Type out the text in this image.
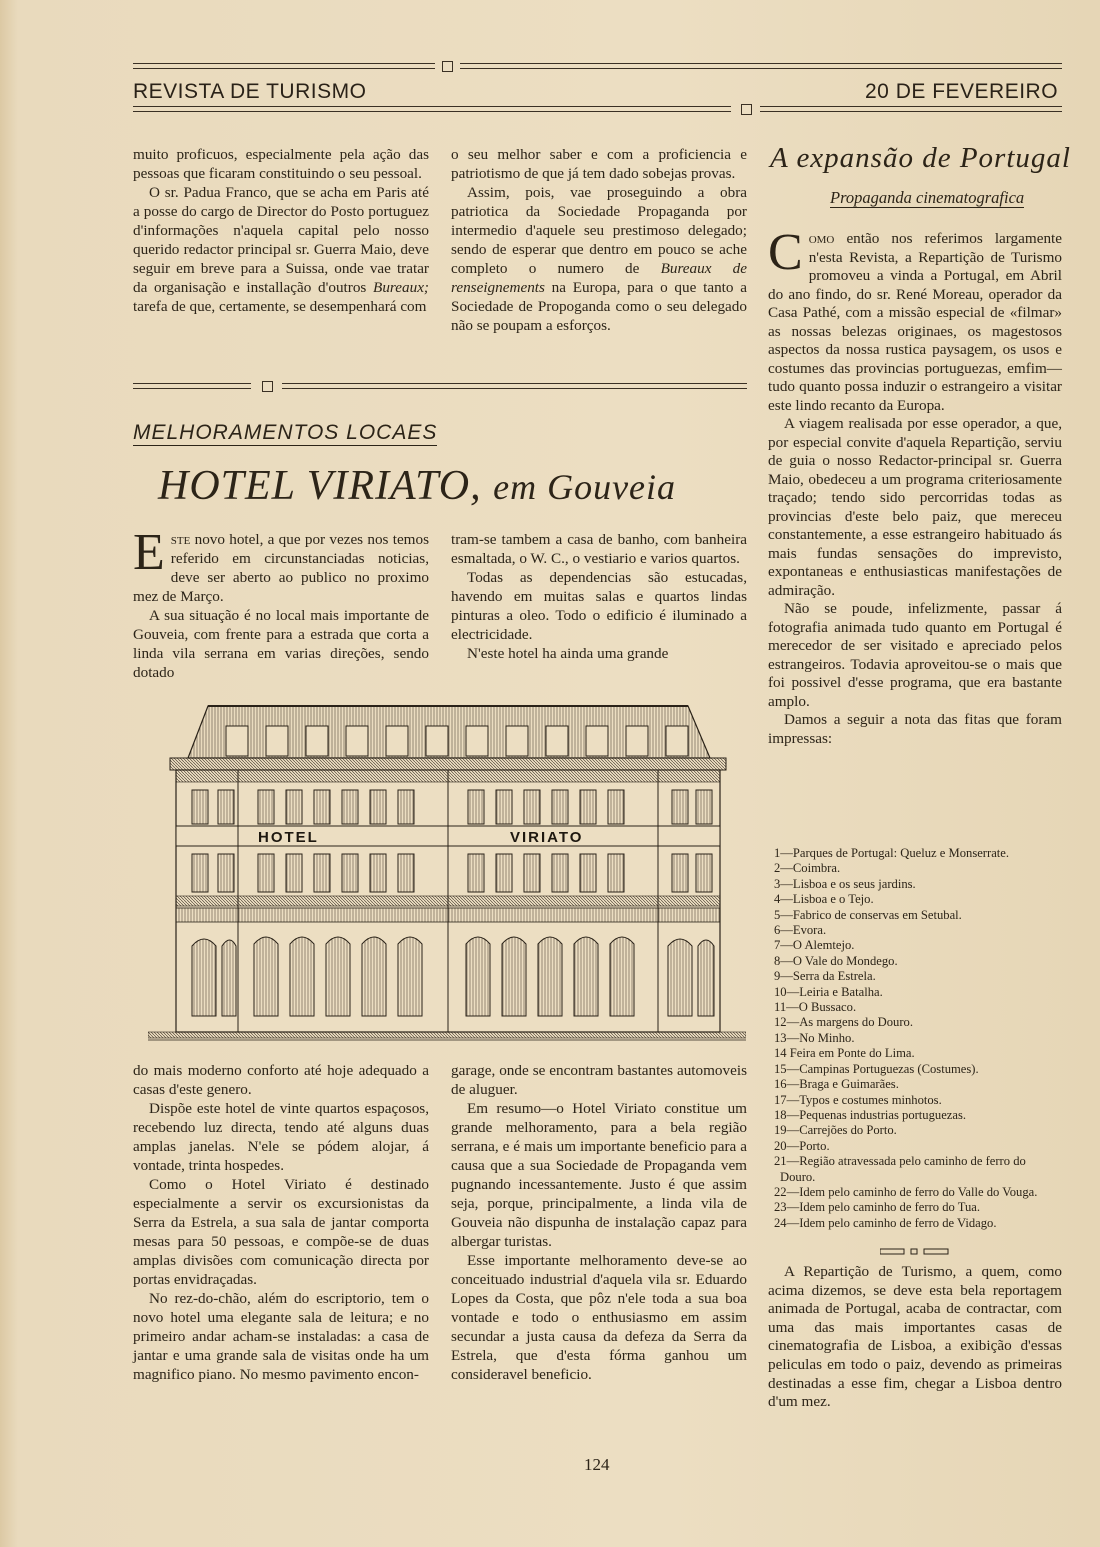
REVISTA DE TURISMO	20 DE FEVEREIRO

muito proficuos, especialmente pela ação das pessoas que ficaram constituindo o seu pessoal.

O sr. Padua Franco, que se acha em Paris até a posse do cargo de Director do Posto portuguez d'informações n'aquela capital pelo nosso querido redactor principal sr. Guerra Maio, deve seguir em breve para a Suissa, onde vae tratar da organisação e installação d'outros Bureaux; tarefa de que, certamente, se desempenhará com

o seu melhor saber e com a proficiencia e patriotismo de que já tem dado sobejas provas.

Assim, pois, vae proseguindo a obra patriotica da Sociedade Propaganda por intermedio d'aquele seu prestimoso delegado; sendo de esperar que dentro em pouco se ache completo o numero de Bureaux de renseignements na Europa, para o que tanto a Sociedade de Propoganda como o seu delegado não se poupam a esforços.

MELHORAMENTOS LOCAES
HOTEL VIRIATO, em Gouveia

Este novo hotel, a que por vezes nos temos referido em circunstanciadas noticias, deve ser aberto ao publico no proximo mez de Março.

A sua situação é no local mais importante de Gouveia, com frente para a estrada que corta a linda vila serrana em varias direções, sendo dotado

tram-se tambem a casa de banho, com banheira esmaltada, o W. C., o vestiario e varios quartos.

Todas as dependencias são estucadas, havendo em muitas salas e quartos lindas pinturas a oleo. Todo o edificio é iluminado a electricidade.

N'este hotel ha ainda uma grande

HOTEL	VIRIATO

do mais moderno conforto até hoje adequado a casas d'este genero.

Dispõe este hotel de vinte quartos espaçosos, recebendo luz directa, tendo até alguns duas amplas janelas. N'ele se pódem alojar, á vontade, trinta hospedes.

Como o Hotel Viriato é destinado especialmente a servir os excursionistas da Serra da Estrela, a sua sala de jantar comporta mesas para 50 pessoas, e compõe-se de duas amplas divisões com comunicação directa por portas envidraçadas.

No rez-do-chão, além do escriptorio, tem o novo hotel uma elegante sala de leitura; e no primeiro andar acham-se instaladas: a casa de jantar e uma grande sala de visitas onde ha um magnifico piano. No mesmo pavimento encon-

garage, onde se encontram bastantes automoveis de aluguer.

Em resumo—o Hotel Viriato constitue um grande melhoramento, para a bela região serrana, e é mais um importante beneficio para a causa que a sua Sociedade de Propaganda vem pugnando incessantemente. Justo é que assim seja, porque, principalmente, a linda vila de Gouveia não dispunha de instalação capaz para albergar turistas.

Esse importante melhoramento deve-se ao conceituado industrial d'aquela vila sr. Eduardo Lopes da Costa, que pôz n'ele toda a sua boa vontade e todo o enthusiasmo em assim secundar a justa causa da defeza da Serra da Estrela, que d'esta fórma ganhou um consideravel beneficio.

A expansão de Portugal
Propaganda cinematografica

Como então nos referimos largamente n'esta Revista, a Repartição de Turismo promoveu a vinda a Portugal, em Abril do ano findo, do sr. René Moreau, operador da Casa Pathé, com a missão especial de «filmar» as nossas belezas originaes, os magestosos aspectos da nossa rustica paysagem, os usos e costumes das provincias portuguezas, emfim—tudo quanto possa induzir o estrangeiro a visitar este lindo recanto da Europa.

A viagem realisada por esse operador, a que, por especial convite d'aquela Repartição, serviu de guia o nosso Redactor-principal sr. Guerra Maio, obedeceu a um programa criteriosamente traçado; tendo sido percorridas todas as provincias d'este belo paiz, que mereceu constantemente, a esse estrangeiro habituado ás mais fundas sensações do imprevisto, expontaneas e enthusiasticas manifestações de admiração.

Não se poude, infelizmente, passar á fotografia animada tudo quanto em Portugal é merecedor de ser visitado e apreciado pelos estrangeiros. Todavia aproveitou-se o mais que foi possivel d'esse programa, que era bastante amplo.

Damos a seguir a nota das fitas que foram impressas:

1—Parques de Portugal: Queluz e Monserrate.
2—Coimbra.
3—Lisboa e os seus jardins.
4—Lisboa e o Tejo.
5—Fabrico de conservas em Setubal.
6—Evora.
7—O Alemtejo.
8—O Vale do Mondego.
9—Serra da Estrela.
10—Leiria e Batalha.
11—O Bussaco.
12—As margens do Douro.
13—No Minho.
14 Feira em Ponte do Lima.
15—Campinas Portuguezas (Costumes).
16—Braga e Guimarães.
17—Typos e costumes minhotos.
18—Pequenas industrias portuguezas.
19—Carrejões do Porto.
20—Porto.
21—Região atravessada pelo caminho de ferro do Douro.
22—Idem pelo caminho de ferro do Valle do Vouga.
23—Idem pelo caminho de ferro do Tua.
24—Idem pelo caminho de ferro de Vidago.

A Repartição de Turismo, a quem, como acima dizemos, se deve esta bela reportagem animada de Portugal, acaba de contractar, com uma das mais importantes casas de cinematografia de Lisboa, a exibição d'essas peliculas em todo o paiz, devendo as primeiras destinadas a esse fim, chegar a Lisboa dentro d'um mez.

124
